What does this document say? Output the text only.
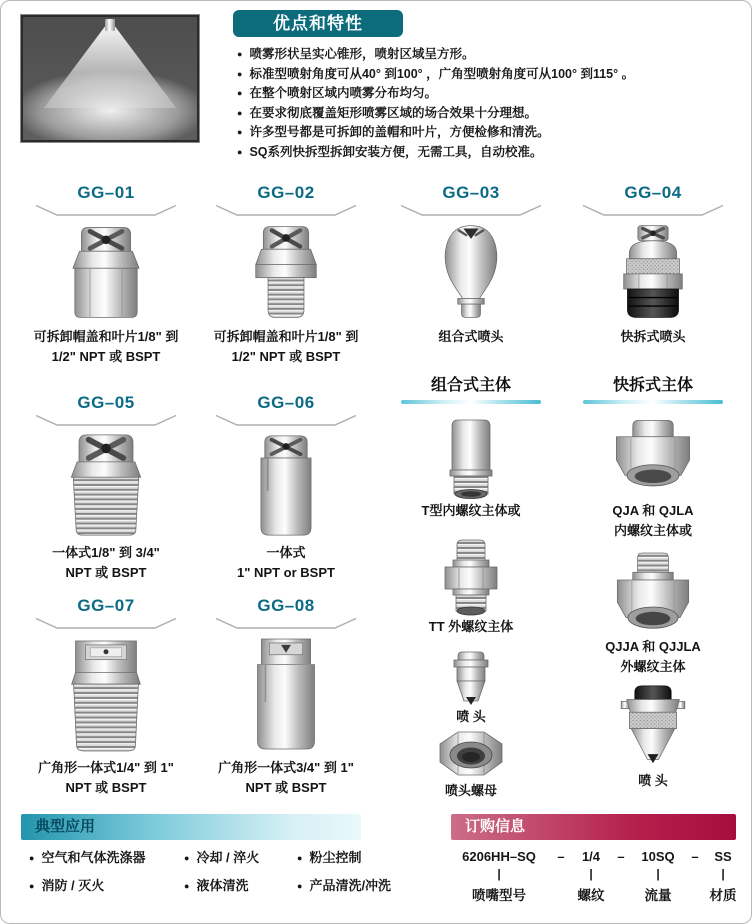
优点和特性
● 喷雾形状呈实心锥形，喷射区域呈方形。
● 标准型喷射角度可从40° 到100° ，广角型喷射角度可从100° 到115° 。
● 在整个喷射区域内喷雾分布均匀。
● 在要求彻底覆盖矩形喷雾区域的场合效果十分理想。
● 许多型号都是可拆卸的盖帽和叶片，方便检修和清洗。
● SQ系列快拆型拆卸安装方便，无需工具，自动校准。
GG–01
可拆卸帽盖和叶片1/8" 到
1/2" NPT 或 BSPT
GG–02
可拆卸帽盖和叶片1/8" 到
1/2" NPT 或 BSPT
GG–03
组合式喷头
GG–04
快拆式喷头
组合式主体	快拆式主体
GG–05
一体式1/8" 到 3/4"
NPT 或 BSPT
GG–06
一体式
1" NPT or BSPT
T型内螺纹主体或
TT 外螺纹主体
喷 头
喷头螺母
QJA 和 QJLA
内螺纹主体或
QJJA 和 QJJLA
外螺纹主体
喷 头
GG–07
广角形一体式1/4" 到 1"
NPT 或 BSPT
GG–08
广角形一体式3/4" 到 1"
NPT 或 BSPT
典型应用
● 空气和气体洗涤器	● 冷却 / 淬火	● 粉尘控制
● 消防 / 灭火	● 液体清洗	● 产品清洗/冲洗
订购信息
6206HH–SQ
|
喷嘴型号
– 1/4
|
螺纹
– 10SQ
|
流量
– SS
|
材质
